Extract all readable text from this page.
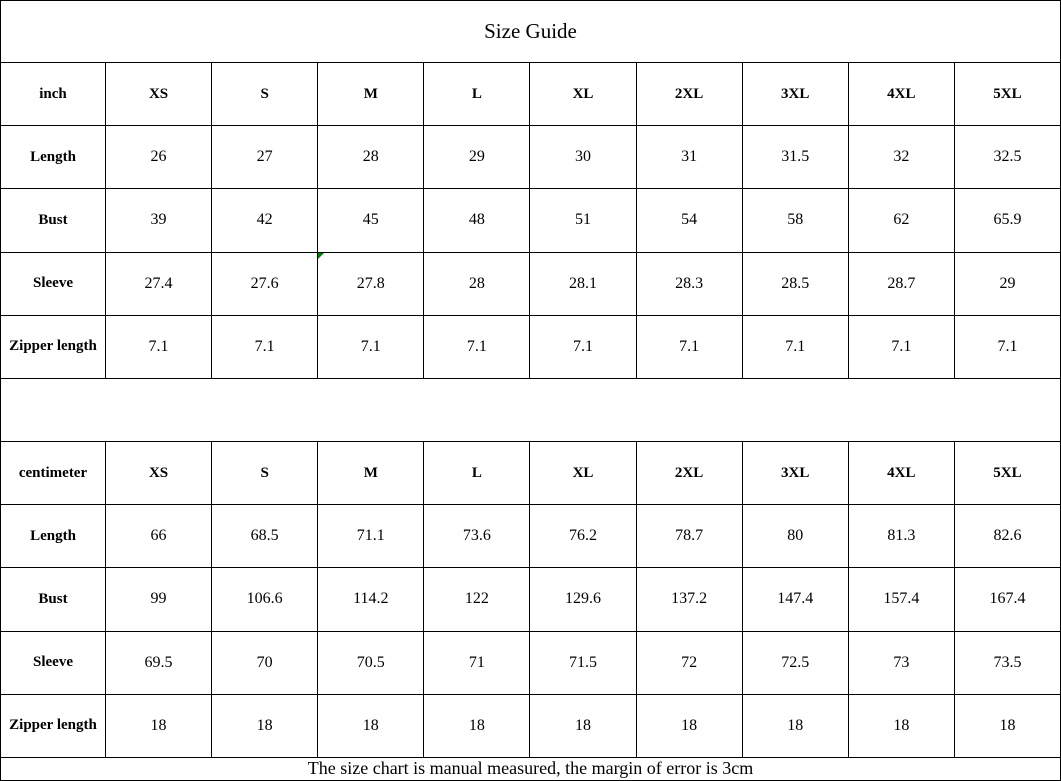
Size Guide									
inch	XS	S	M	L	XL	2XL	3XL	4XL	5XL
Length	26	27	28	29	30	31	31.5	32	32.5
Bust	39	42	45	48	51	54	58	62	65.9
Sleeve	27.4	27.6	27.8	28	28.1	28.3	28.5	28.7	29
Zipper length	7.1	7.1	7.1	7.1	7.1	7.1	7.1	7.1	7.1

centimeter	XS	S	M	L	XL	2XL	3XL	4XL	5XL
Length	66	68.5	71.1	73.6	76.2	78.7	80	81.3	82.6
Bust	99	106.6	114.2	122	129.6	137.2	147.4	157.4	167.4
Sleeve	69.5	70	70.5	71	71.5	72	72.5	73	73.5
Zipper length	18	18	18	18	18	18	18	18	18
The size chart is manual measured, the margin of error is 3cm									
